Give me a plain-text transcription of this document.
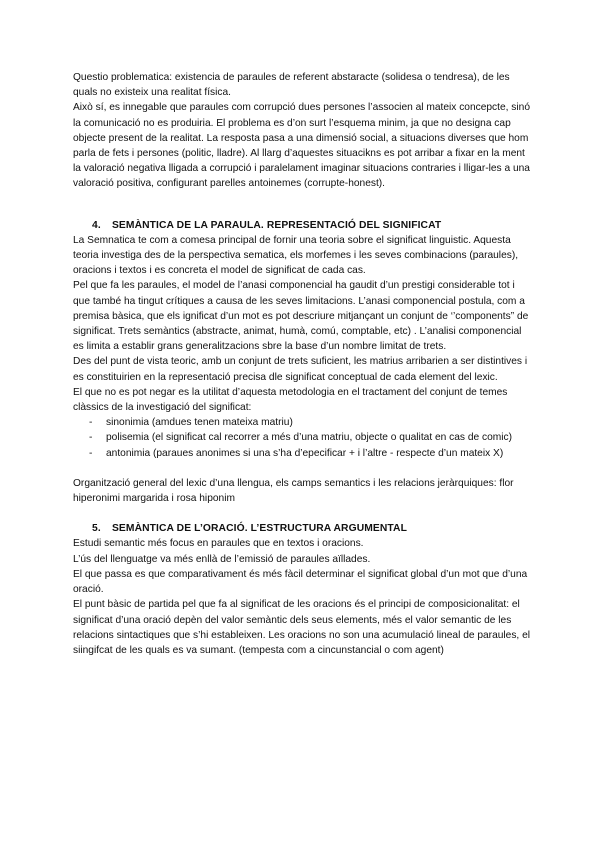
Questio problematica: existencia de paraules de referent abstaracte (solidesa o tendresa), de les quals no existeix una realitat física.

Això sí, es innegable que paraules com corrupció dues persones l’associen al mateix concepcte, sinó la comunicació no es produiria. El problema es d’on surt l’esquema minim, ja que no designa cap objecte present de la realitat. La resposta pasa a una dimensió social, a situacions diverses que hom parla de fets i persones (politic, lladre). Al llarg d’aquestes situacikns es pot arribar a fixar en la ment la valoració negativa lligada a corrupció i paralelament imaginar situacions contraries i lligar-les a una valoració positiva, configurant parelles antoinemes (corrupte-honest).

4. SEMÀNTICA DE LA PARAULA. REPRESENTACIÓ DEL SIGNIFICAT

La Semnatica te com a comesa principal de fornir una teoria sobre el significat linguistic. Aquesta teoria investiga des de la perspectiva sematica, els morfemes i les seves combinacions (paraules), oracions i textos i es concreta el model de significat de cada cas.

Pel que fa les paraules, el model de l’anasi componencial ha gaudit d’un prestigi considerable tot i que també ha tingut crítiques a causa de les seves limitacions. L’anasi componencial postula, com a premisa bàsica, que els ignificat d’un mot es pot descriure mitjançant un conjunt de ‘’components” de significat. Trets semàntics (abstracte, animat, humà, comú, comptable, etc) . L’analisi componencial es limita a establir grans generalitzacions sbre la base d’un nombre limitat de trets.

Des del punt de vista teoric, amb un conjunt de trets suficient, les matrius arribarien a ser distintives i es constituirien en la representació precisa dle significat conceptual de cada element del lexic.

El que no es pot negar es la utilitat d’aquesta metodologia en el tractament del conjunt de temes clàssics de la investigació del significat:

- sinonimia (amdues tenen mateixa matriu)
- polisemia (el significat cal recorrer a més d’una matriu, objecte o qualitat en cas de comic)
- antonimia (paraues anonimes si una s’ha d’epecificar + i l’altre - respecte d’un mateix X)

Organització general del lexic d’una llengua, els camps semantics i les relacions jeràrquiques: flor hiperonimi margarida i rosa hiponim

5. SEMÀNTICA DE L’ORACIÓ. L’ESTRUCTURA ARGUMENTAL

Estudi semantic més focus en paraules que en textos i oracions.

L’ús del llenguatge va més enllà de l’emissió de paraules aïllades.

El que passa es que comparativament és més fàcil determinar el significat global d’un mot que d’una oració.

El punt bàsic de partida pel que fa al significat de les oracions és el principi de composicionalitat: el significat d’una oració depèn del valor semàntic dels seus elements, més el valor semantic de les relacions sintactiques que s’hi estableixen. Les oracions no son una acumulació lineal de paraules, el siingifcat de les quals es va sumant. (tempesta com a cincunstancial o com agent)
